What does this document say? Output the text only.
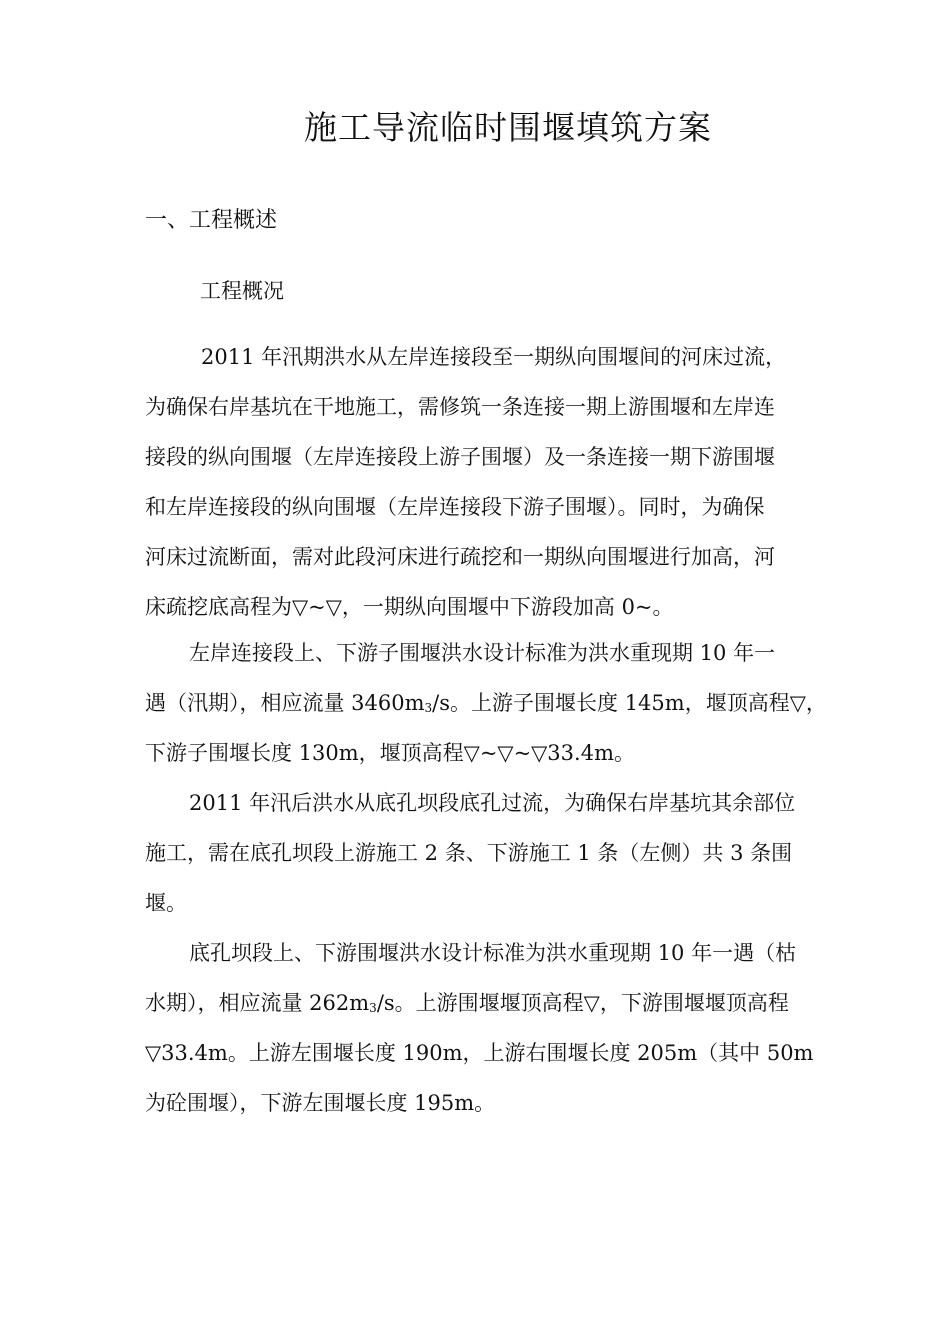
施工导流临时围堰填筑方案
一、工程概述
工程概况
2011 年汛期洪水从左岸连接段至一期纵向围堰间的河床过流，
为确保右岸基坑在干地施工，需修筑一条连接一期上游围堰和左岸连
接段的纵向围堰（左岸连接段上游子围堰）及一条连接一期下游围堰
和左岸连接段的纵向围堰（左岸连接段下游子围堰）。同时，为确保
河床过流断面，需对此段河床进行疏挖和一期纵向围堰进行加高，河
床疏挖底高程为▽~▽，一期纵向围堰中下游段加高 0~。
左岸连接段上、下游子围堰洪水设计标准为洪水重现期 10 年一
遇（汛期），相应流量 3460m3/s。上游子围堰长度 145m，堰顶高程▽，
下游子围堰长度 130m，堰顶高程▽~▽~▽33.4m。
2011 年汛后洪水从底孔坝段底孔过流，为确保右岸基坑其余部位
施工，需在底孔坝段上游施工 2 条、下游施工 1 条（左侧）共 3 条围
堰。
底孔坝段上、下游围堰洪水设计标准为洪水重现期 10 年一遇（枯
水期），相应流量 262m3/s。上游围堰堰顶高程▽，下游围堰堰顶高程
▽33.4m。上游左围堰长度 190m，上游右围堰长度 205m（其中 50m
为砼围堰），下游左围堰长度 195m。
